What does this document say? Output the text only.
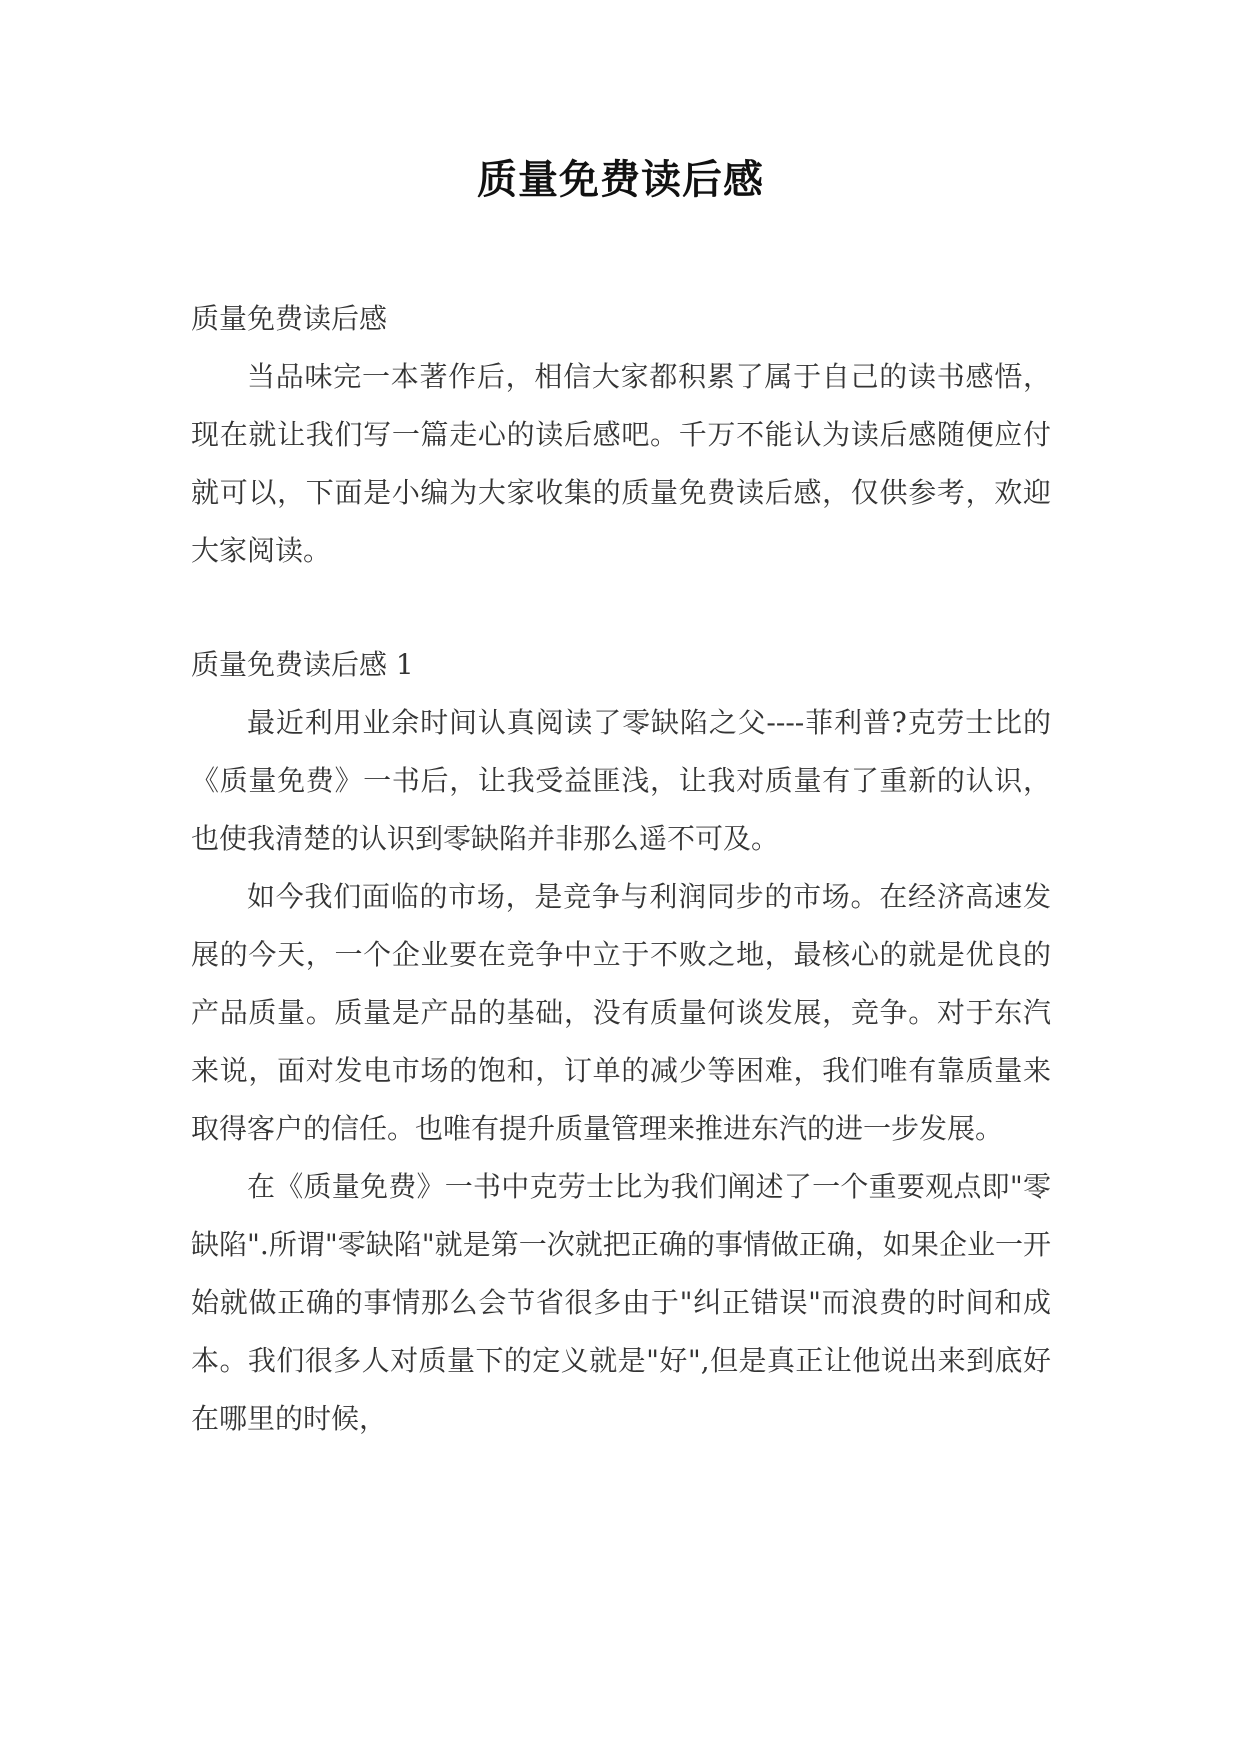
质量免费读后感

质量免费读后感

当品味完一本著作后，相信大家都积累了属于自己的读书感悟，现在就让我们写一篇走心的读后感吧。千万不能认为读后感随便应付就可以，下面是小编为大家收集的质量免费读后感，仅供参考，欢迎大家阅读。

质量免费读后感 1

最近利用业余时间认真阅读了零缺陷之父----菲利普?克劳士比的《质量免费》一书后，让我受益匪浅，让我对质量有了重新的认识，也使我清楚的认识到零缺陷并非那么遥不可及。

如今我们面临的市场，是竞争与利润同步的市场。在经济高速发展的今天，一个企业要在竞争中立于不败之地，最核心的就是优良的产品质量。质量是产品的基础，没有质量何谈发展，竞争。对于东汽来说，面对发电市场的饱和，订单的减少等困难，我们唯有靠质量来取得客户的信任。也唯有提升质量管理来推进东汽的进一步发展。

在《质量免费》一书中克劳士比为我们阐述了一个重要观点即"零缺陷".所谓"零缺陷"就是第一次就把正确的事情做正确，如果企业一开始就做正确的事情那么会节省很多由于"纠正错误"而浪费的时间和成本。我们很多人对质量下的定义就是"好",但是真正让他说出来到底好在哪里的时候，
